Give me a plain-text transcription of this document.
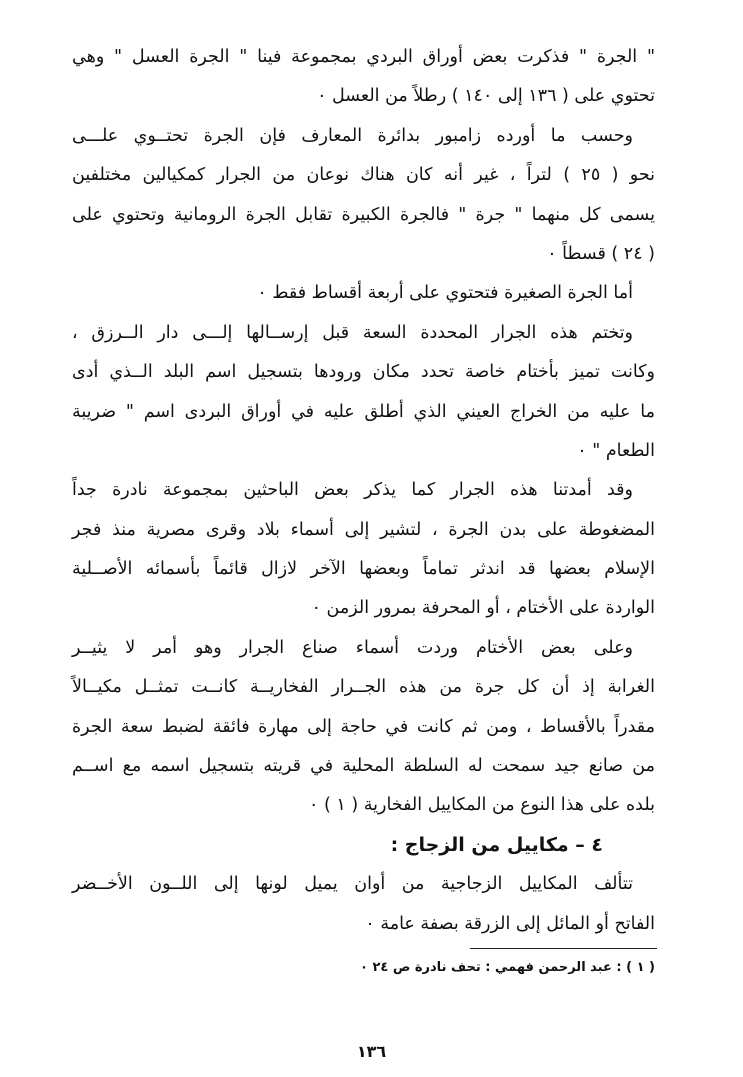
" الجرة " فذكرت بعض أوراق البردي بمجموعة فينا " الجرة العسل " وهي
تحتوي على ( ١٣٦ إلى ١٤٠ ) رطلاً من العسل ٠
وحسب ما أورده زامبور بدائرة المعارف فإن الجرة تحتــوي علـــى
نحو ( ٢٥ ) لتراً ، غير أنه كان هناك نوعان من الجرار كمكيالين مختلفين
يسمى كل منهما " جرة " فالجرة الكبيرة تقابل الجرة الرومانية وتحتوي على
( ٢٤ ) قسطاً ٠
أما الجرة الصغيرة فتحتوي على أربعة أقساط فقط ٠
وتختم هذه الجرار المحددة السعة قبل إرســالها إلـــى دار الــرزق ،
وكانت تميز بأختام خاصة تحدد مكان ورودها بتسجيل اسم البلد الــذي أدى
ما عليه من الخراج العيني الذي أطلق عليه في أوراق البردى اسم " ضريبة
الطعام " ٠
وقد أمدتنا هذه الجرار كما يذكر بعض الباحثين بمجموعة نادرة جداً
المضغوطة على بدن الجرة ، لتشير إلى أسماء بلاد وقرى مصرية منذ فجر
الإسلام بعضها قد اندثر تماماً وبعضها الآخر لازال قائماً بأسمائه الأصــلية
الواردة على الأختام ، أو المحرفة بمرور الزمن ٠
وعلى بعض الأختام وردت أسماء صناع الجرار وهو أمر لا يثيــر
الغرابة إذ أن كل جرة من هذه الجــرار الفخاريــة كانــت تمثــل مكيــالاً
مقدراً بالأقساط ، ومن ثم كانت في حاجة إلى مهارة فائقة لضبط سعة الجرة
من صانع جيد سمحت له السلطة المحلية في قريته بتسجيل اسمه مع اســم
بلده على هذا النوع من المكاييل الفخارية ( ١ ) ٠
٤ – مكاييل من الزجاج :
تتألف المكاييل الزجاجية من أوان يميل لونها إلى اللــون الأخــضر
الفاتح أو المائل إلى الزرقة بصفة عامة ٠
( ١ ) : عبد الرحمن فهمي : تحف نادرة ص ٢٤ ٠
١٣٦
